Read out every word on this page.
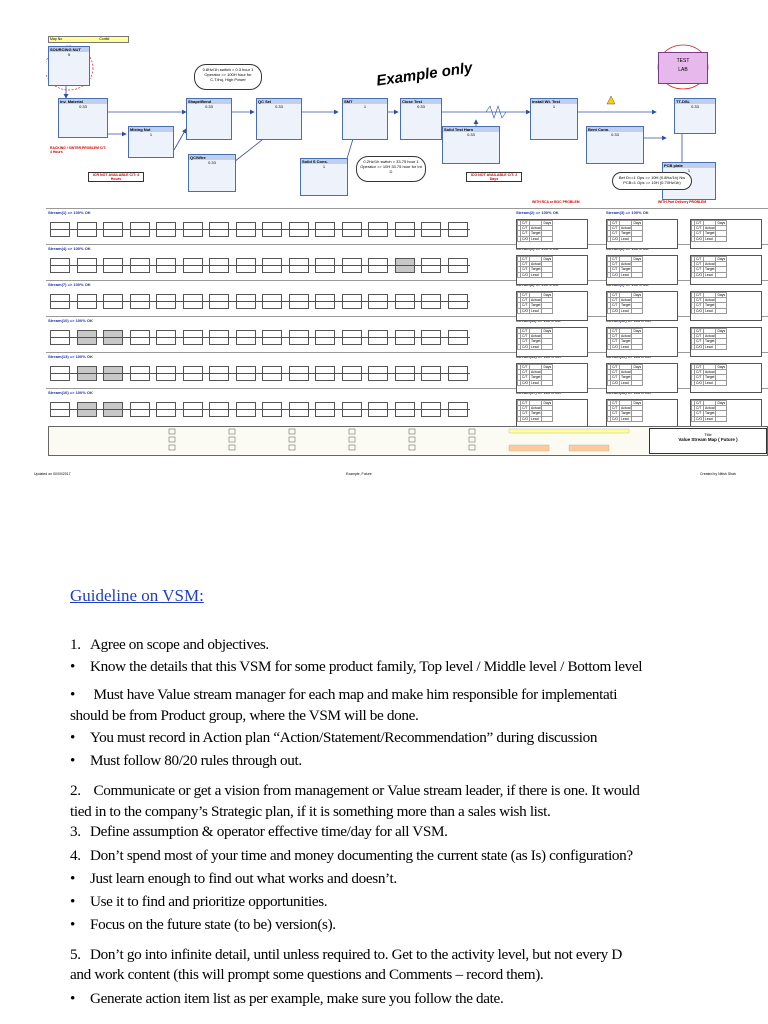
Map No	Confid
Example only	TEST
LAB
SOURCING NUT
5
Inv. Material
0.33
Shape/Bend
0.33
QC Sel
0.33
SMT
1
Close Test
0.33
Install Wt. Test
1
TT-DSL
0.33
Mixing Nut
1
QC/Wire
0.33	Solid S Cons.
1
Solid Test Harn
0.33
Bent Conn.
0.33
PCB plate
1
0.8Hz/1h switch = 0.3 hour 1 Operator => 100H hour for C.T.thq, High Power
0.2Hz/1h switch = 33.75 hour 1 Operator => 10H 33.75 hour for Int D
Bet D<=1 Ops => 10H (0.8Hz/1h) Nw PCB=1 Ops => 10H (0.70Hz/1h)
ICR NOT AVAILABLE C/T: 4 Hours
ICO NOT AVAILABLE C/T: 2 Days
RACKING / SINTER PROBLEM C/T: 4 Hours
WITH RCA or BOC PROBLEM	WITH Part Delivery PROBLEM
Stream(1) => 100% OK	Stream(2) => 100% OK	Stream(3) => 100% OK
Stream(4) => 100% OK
Stream(7) => 100% OK
Stream(10) => 100% OK
Stream(13) => 100% OK
Stream(16) => 100% OK
	C/T		Days
	C/T	Actual	
	C/T	Target	
	C/O	Lead	
	C/T		Days
	C/T	Actual	
	C/T	Target	
	C/O	Lead	
	C/T		Days
	C/T	Actual	
	C/T	Target	
	C/O	Lead	
	C/T		Days
	C/T	Actual	
	C/T	Target	
	C/O	Lead	
	C/T		Days
	C/T	Actual	
	C/T	Target	
	C/O	Lead	
	C/T		Days
	C/T	Actual	
	C/T	Target	
	C/O	Lead	
	C/T		Days
	C/T	Actual	
	C/T	Target	
	C/O	Lead	
	C/T		Days
	C/T	Actual	
	C/T	Target	
	C/O	Lead	
	C/T		Days
	C/T	Actual	
	C/T	Target	
	C/O	Lead	
	C/T		Days
	C/T	Actual	
	C/T	Target	
	C/O	Lead	
	C/T		Days
	C/T	Actual	
	C/T	Target	
	C/O	Lead	
	C/T		Days
	C/T	Actual	
	C/T	Target	
	C/O	Lead	
	C/T		Days
	C/T	Actual	
	C/T	Target	
	C/O	Lead	
	C/T		Days
	C/T	Actual	
	C/T	Target	
	C/O	Lead	
	C/T		Days
	C/T	Actual	
	C/T	Target	
	C/O	Lead	
	C/T		Days
	C/T	Actual	
	C/T	Target	
	C/O	Lead	
	C/T		Days
	C/T	Actual	
	C/T	Target	
	C/O	Lead	
	C/T		Days
	C/T	Actual	
	C/T	Target	
	C/O	Lead	
Title
Value Stream Map ( Future )
Updated on 00/00/2017	Example, Future	Created by Nitish Shah
Guideline on VSM:
1. Agree on scope and objectives.
• Know the details that this VSM for some product family, Top level / Middle level / Bottom level
• Must have Value stream manager for each map and make him responsible for implementati
should be from Product group, where the VSM will be done.
• You must record in Action plan “Action/Statement/Recommendation” during discussion
• Must follow 80/20 rules through out.
2. Communicate or get a vision from management or Value stream leader, if there is one. It would
tied in to the company’s Strategic plan, if it is something more than a sales wish list.
3. Define assumption & operator effective time/day for all VSM.
4. Don’t spend most of your time and money documenting the current state (as Is) configuration?
• Just learn enough to find out what works and doesn’t.
• Use it to find and prioritize opportunities.
• Focus on the future state (to be) version(s).
5. Don’t go into infinite detail, until unless required to. Get to the activity level, but not every D
and work content (this will prompt some questions and Comments – record them).
• Generate action item list as per example, make sure you follow the date.
